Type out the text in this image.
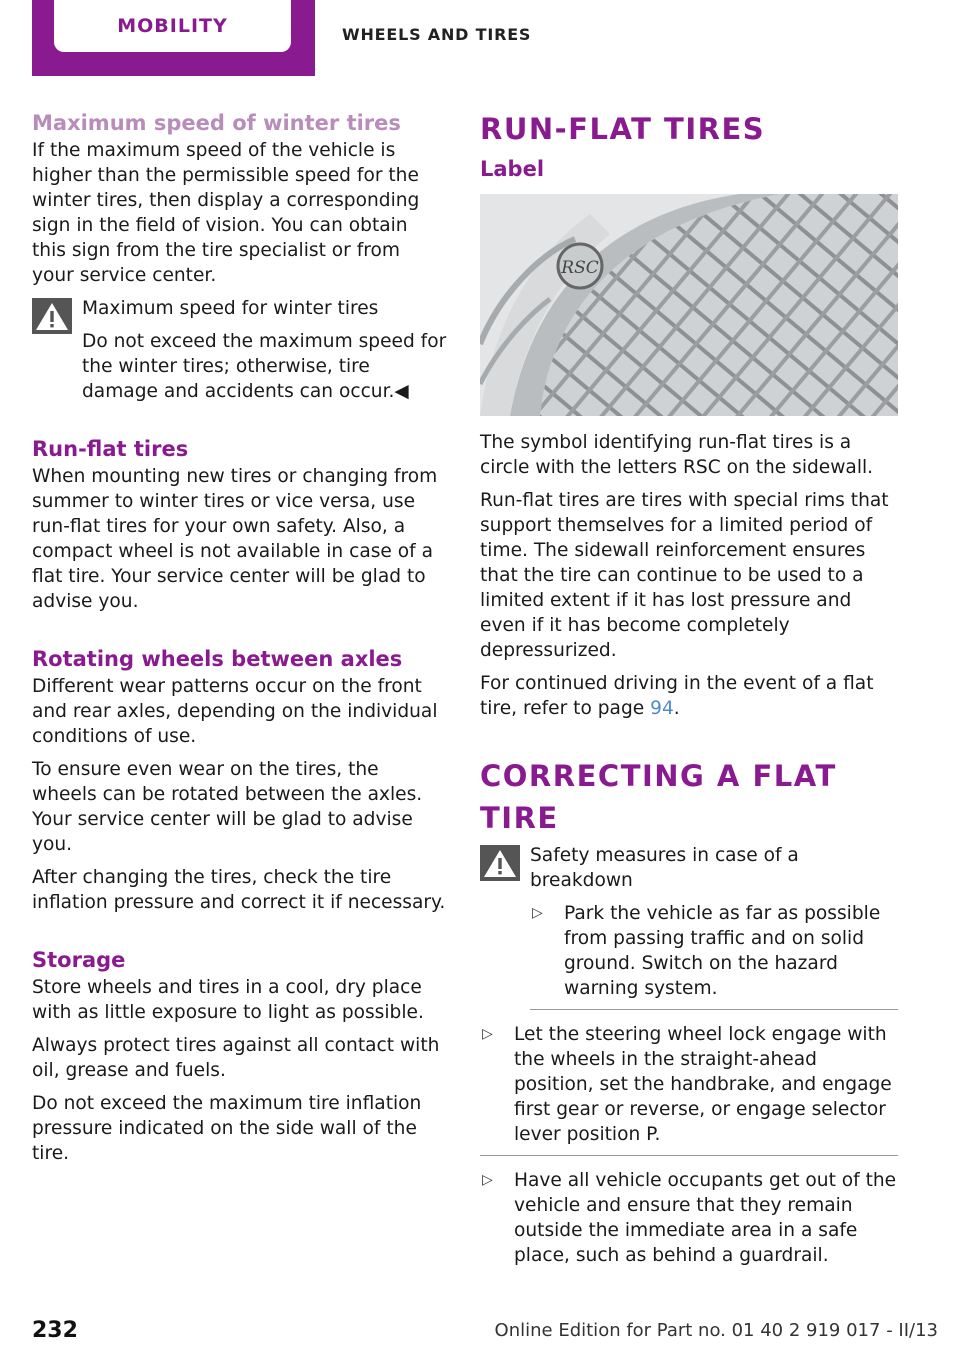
MOBILITY	WHEELS AND TIRES
Maximum speed of winter tires

If the maximum speed of the vehicle is higher than the permissible speed for the winter tires, then display a corresponding sign in the field of vision. You can obtain this sign from the tire specialist or from your service center.

Maximum speed for winter tires

Do not exceed the maximum speed for the winter tires; otherwise, tire damage and accidents can occur.◀

Run-flat tires

When mounting new tires or changing from summer to winter tires or vice versa, use run-flat tires for your own safety. Also, a compact wheel is not available in case of a flat tire. Your service center will be glad to advise you.

Rotating wheels between axles

Different wear patterns occur on the front and rear axles, depending on the individual conditions of use.

To ensure even wear on the tires, the wheels can be rotated between the axles. Your service center will be glad to advise you.

After changing the tires, check the tire inflation pressure and correct it if necessary.

Storage

Store wheels and tires in a cool, dry place with as little exposure to light as possible.

Always protect tires against all contact with oil, grease and fuels.

Do not exceed the maximum tire inflation pressure indicated on the side wall of the tire.

RUN-FLAT TIRES
Label
RSC

The symbol identifying run-flat tires is a circle with the letters RSC on the sidewall.

Run-flat tires are tires with special rims that support themselves for a limited period of time. The sidewall reinforcement ensures that the tire can continue to be used to a limited extent if it has lost pressure and even if it has become completely depressurized.

For continued driving in the event of a flat tire, refer to page 94.

CORRECTING A FLAT TIRE

Safety measures in case of a breakdown

▷ Park the vehicle as far as possible from passing traffic and on solid ground. Switch on the hazard warning system.
▷ Let the steering wheel lock engage with the wheels in the straight-ahead position, set the handbrake, and engage first gear or reverse, or engage selector lever position P.
▷ Have all vehicle occupants get out of the vehicle and ensure that they remain outside the immediate area in a safe place, such as behind a guardrail.
232	Online Edition for Part no. 01 40 2 919 017 - II/13
